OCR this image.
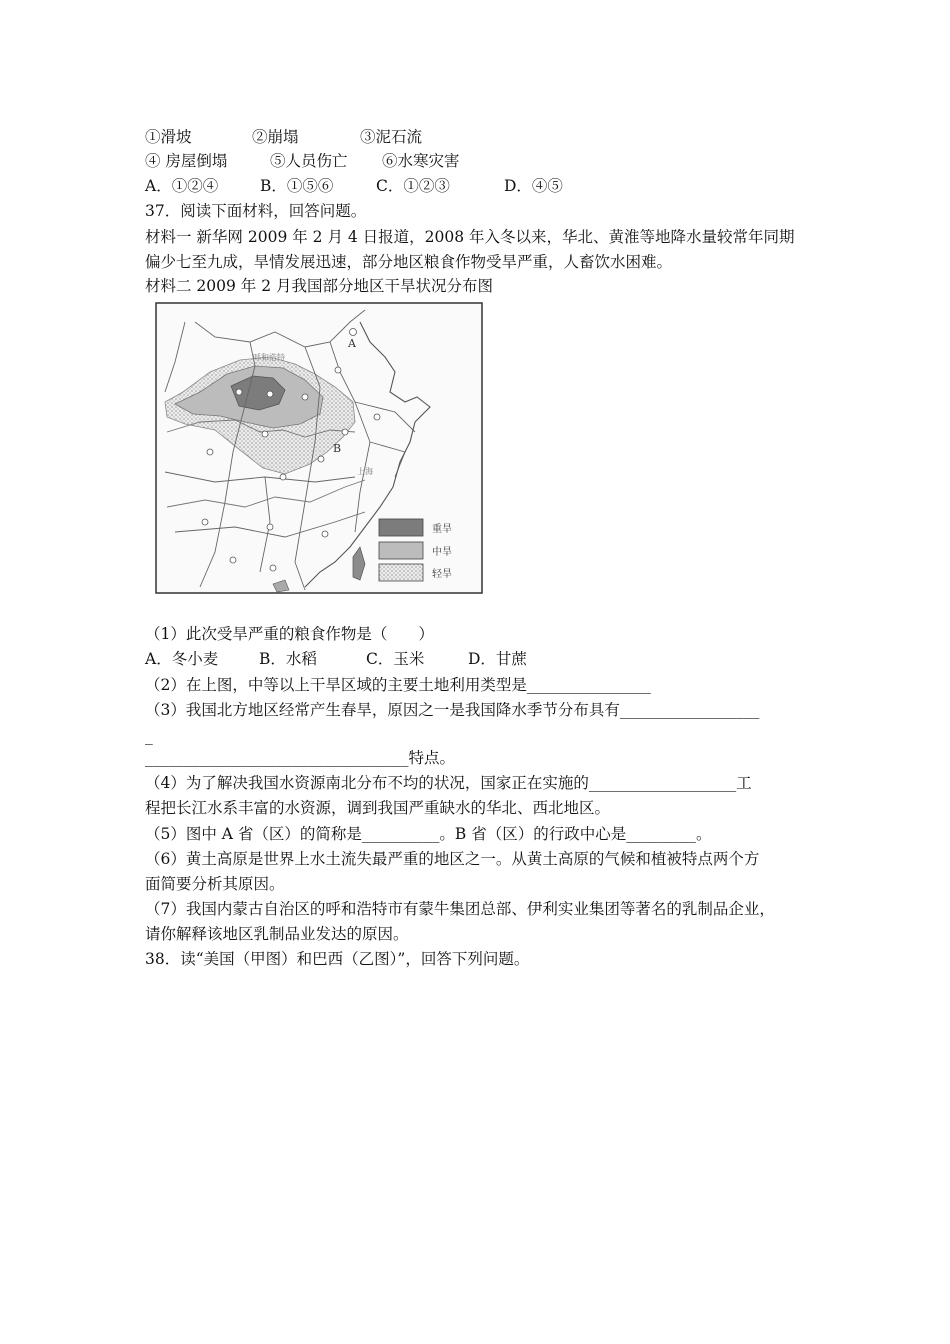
①滑坡	②崩塌	③泥石流
④ 房屋倒塌	⑤人员伤亡 ⑥水寒灾害
A．①②④	B．①⑤⑥	C．①②③	D．④⑤
37．阅读下面材料，回答问题。
材料一 新华网 2009 年 2 月 4 日报道，2008 年入冬以来，华北、黄淮等地降水量较常年同期
偏少七至九成，旱情发展迅速，部分地区粮食作物受旱严重，人畜饮水困难。
材料二 2009 年 2 月我国部分地区干旱状况分布图
A
B
呼和浩特
上海
重旱
中旱
轻旱
（1）此次受旱严重的粮食作物是（　　）
A．冬小麦	B．水稻	C．玉米	D．甘蔗
（2）在上图，中等以上干旱区域的主要土地利用类型是________________
（3）我国北方地区经常产生春旱，原因之一是我国降水季节分布具有__________________
_
__________________________________特点。
（4）为了解决我国水资源南北分布不均的状况，国家正在实施的___________________工
程把长江水系丰富的水资源，调到我国严重缺水的华北、西北地区。
（5）图中 A 省（区）的简称是__________。B 省（区）的行政中心是_________。
（6）黄土高原是世界上水土流失最严重的地区之一。从黄土高原的气候和植被特点两个方
面简要分析其原因。
（7）我国内蒙古自治区的呼和浩特市有蒙牛集团总部、伊利实业集团等著名的乳制品企业，
请你解释该地区乳制品业发达的原因。
38．读“美国（甲图）和巴西（乙图）”，回答下列问题。
